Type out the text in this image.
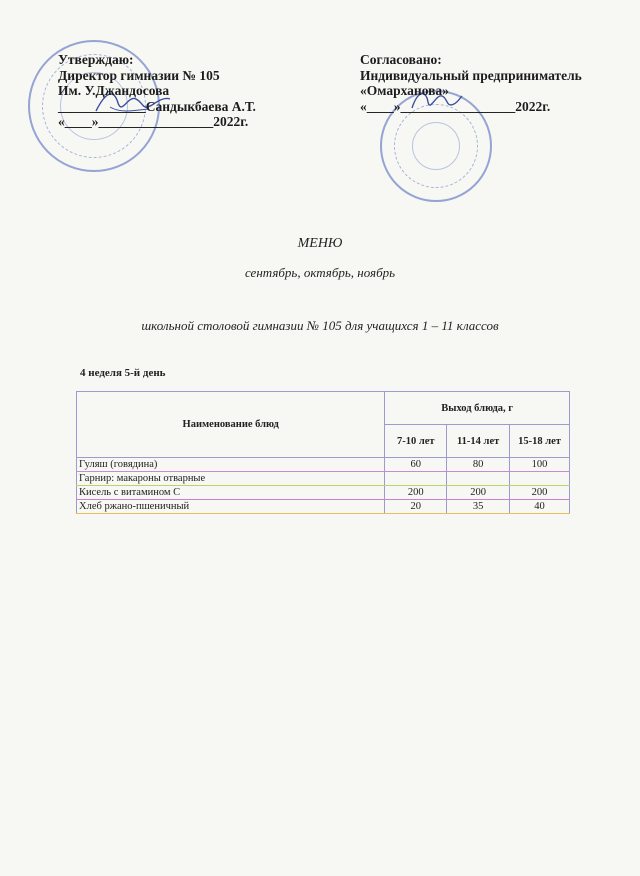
Утверждаю:
Директор гимназии № 105
Им. У.Джандосова
_____________Сандыкбаева А.Т.
«____»_________________2022г.
Согласовано:
Индивидуальный предприниматель
«Омарханова»
«____»_________________2022г.
МЕНЮ
сентябрь, октябрь, ноябрь
школьной столовой гимназии № 105 для учащихся 1 – 11 классов
4 неделя 5-й день
Наименование блюд	Выход блюда, г		
	7-10 лет	11-14 лет	15-18 лет
Гуляш (говядина)	60	80	100
Гарнир: макароны отварные			
Кисель с витамином С	200	200	200
Хлеб ржано-пшеничный	20	35	40
